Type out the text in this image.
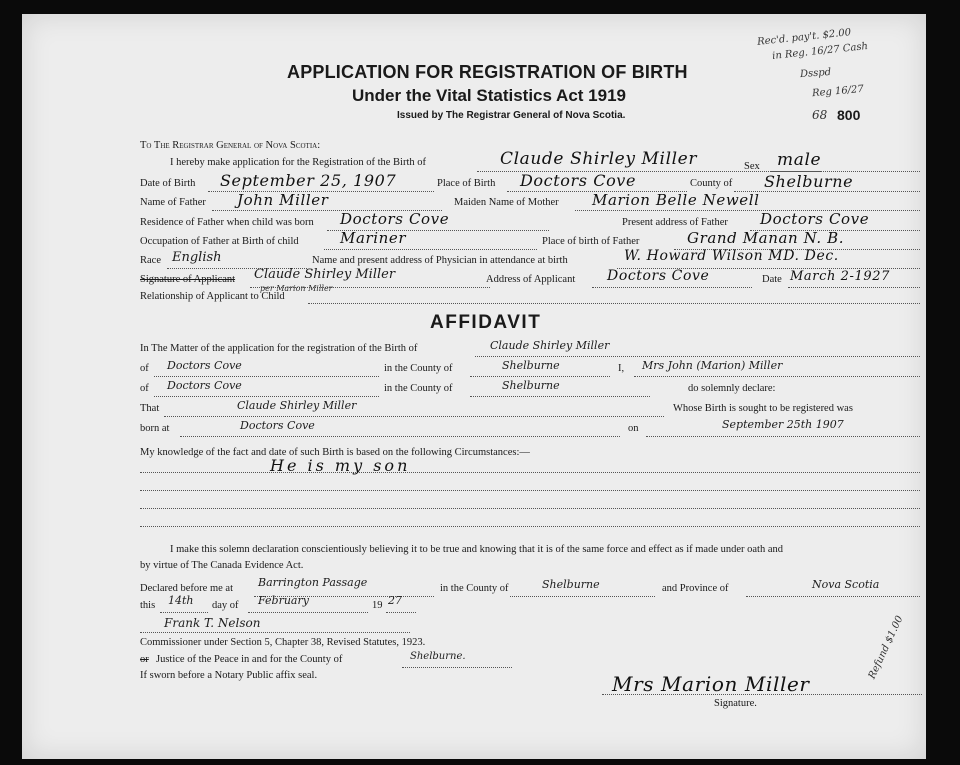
Rec'd. pay't. $2.00
in Reg. 16/27 Cash
Dsspd
Reg 16/27
68 800
APPLICATION FOR REGISTRATION OF BIRTH
Under the Vital Statistics Act 1919
Issued by The Registrar General of Nova Scotia.
To The Registrar General of Nova Scotia:
I hereby make application for the Registration of the Birth of	Claude Shirley Miller	Sex male
Date of Birth September 25, 1907	Place of Birth Doctors Cove	County of Shelburne
Name of Father John Miller	Maiden Name of Mother Marion Belle Newell
Residence of Father when child was born Doctors Cove	Present address of Father Doctors Cove
Occupation of Father at Birth of child	Mariner	Place of birth of Father	Grand Manan N. B.
Race English	Name and present address of Physician in attendance at birth	W. Howard Wilson MD. Dec.
Signature of Applicant Claude Shirley Miller
per Marion Miller
Address of Applicant Doctors Cove	Date March 2-1927
Relationship of Applicant to Child
AFFIDAVIT
In The Matter of the application for the registration of the Birth of	Claude Shirley Miller
of Doctors Cove	in the County of	Shelburne	I, Mrs John (Marion) Miller
of Doctors Cove	in the County of	Shelburne	do solemnly declare:
That	Claude Shirley Miller	Whose Birth is sought to be registered was
born at	Doctors Cove	on	September 25th 1907
My knowledge of the fact and date of such Birth is based on the following Circumstances:—
He is my son
I make this solemn declaration conscientiously believing it to be true and knowing that it is of the same force and effect as if made under oath and
by virtue of The Canada Evidence Act.
Declared before me at Barrington Passage	in the County of	Shelburne	and Province of	Nova Scotia
this 14th day of February	19 27
Frank T. Nelson
Commissioner under Section 5, Chapter 38, Revised Statutes, 1923.
or Justice of the Peace in and for the County of	Shelburne.
If sworn before a Notary Public affix seal.	Mrs Marion Miller
Signature.
Refund $1.00
